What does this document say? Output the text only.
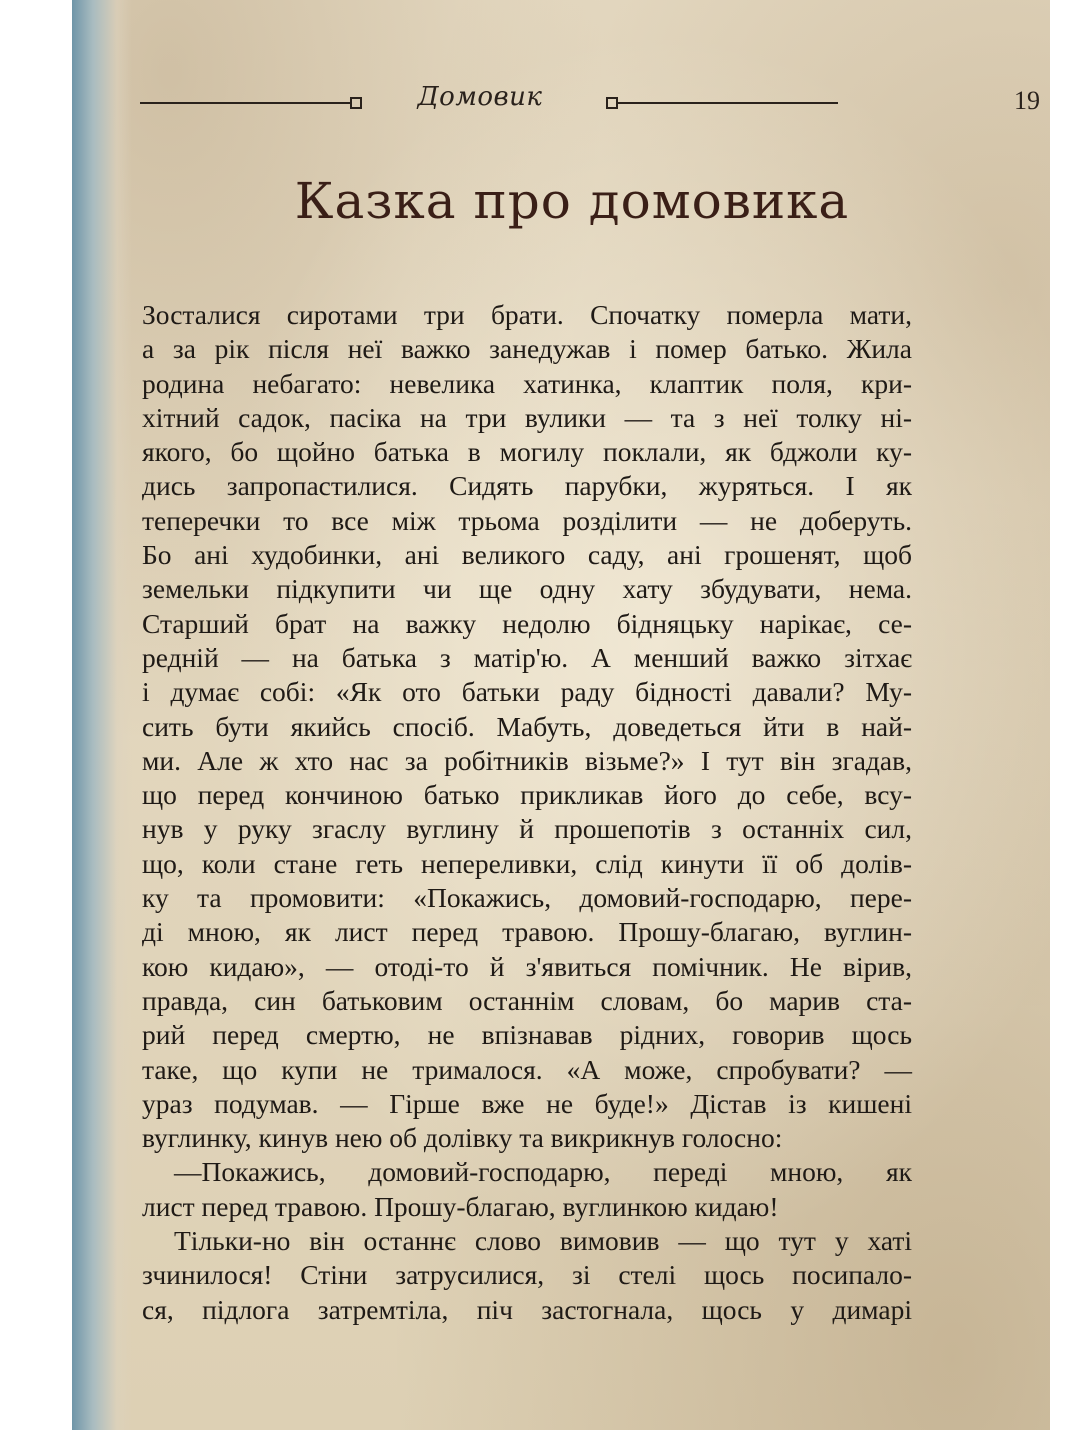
Домовик	19
Казка про домовика
Зосталися сиротами три брати. Спочатку померла мати,
а за рік після неї важко занедужав і помер батько. Жила
родина небагато: невелика хатинка, клаптик поля, кри-
хітний садок, пасіка на три вулики — та з неї толку ні-
якого, бо щойно батька в могилу поклали, як бджоли ку-
дись запропастилися. Сидять парубки, журяться. І як
теперечки то все між трьома розділити — не доберуть.
Бо ані худобинки, ані великого саду, ані грошенят, щоб
земельки підкупити чи ще одну хату збудувати, нема.
Старший брат на важку недолю бідняцьку нарікає, се-
редній — на батька з матір'ю. А менший важко зітхає
і думає собі: «Як ото батьки раду бідності давали? Му-
сить бути якийсь спосіб. Мабуть, доведеться йти в най-
ми. Але ж хто нас за робітників візьме?» І тут він згадав,
що перед кончиною батько прикликав його до себе, всу-
нув у руку згаслу вуглину й прошепотів з останніх сил,
що, коли стане геть непереливки, слід кинути її об долів-
ку та промовити: «Покажись, домовий-господарю, пере-
ді мною, як лист перед травою. Прошу-благаю, вуглин-
кою кидаю», — отоді-то й з'явиться помічник. Не вірив,
правда, син батьковим останнім словам, бо марив ста-
рий перед смертю, не впізнавав рідних, говорив щось
таке, що купи не трималося. «А може, спробувати? —
ураз подумав. — Гірше вже не буде!» Дістав із кишені
вуглинку, кинув нею об долівку та викрикнув голосно:
—Покажись, домовий-господарю, переді мною, як
лист перед травою. Прошу-благаю, вуглинкою кидаю!
Тільки-но він останнє слово вимовив — що тут у хаті
зчинилося! Стіни затрусилися, зі стелі щось посипало-
ся, підлога затремтіла, піч застогнала, щось у димарі
